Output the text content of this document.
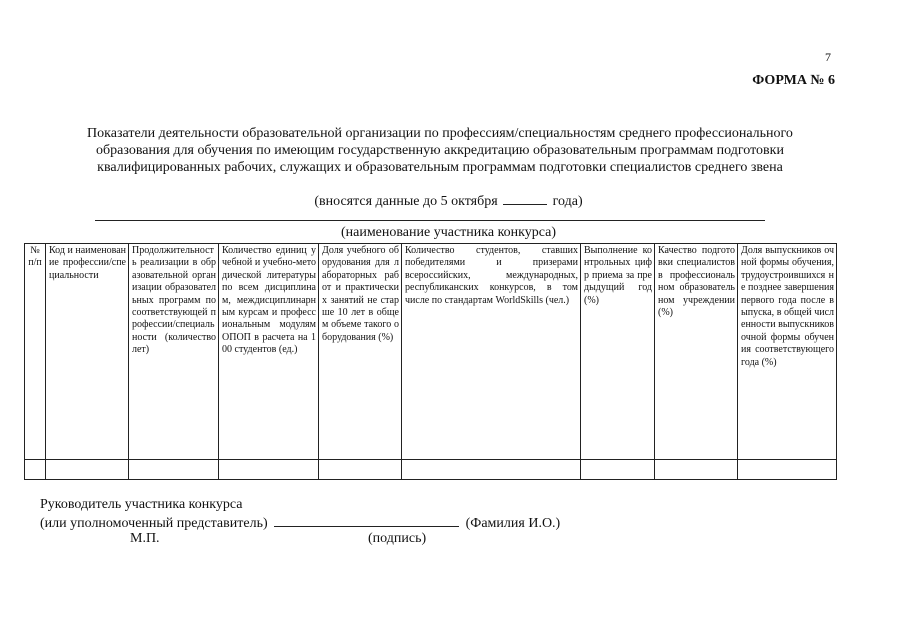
7
ФОРМА № 6
Показатели деятельности образовательной организации по профессиям/специальностям среднего профессионального
образования для обучения по имеющим государственную аккредитацию образовательным программам подготовки
квалифицированных рабочих, служащих и образовательным программам подготовки специалистов среднего звена
(вносятся данные до 5 октября	года)
(наименование участника конкурса)
№ п/п	Код и наименование профессии/специальности	Продолжительность реализации в образовательной организации образовательных программ по соответствующей профессии/специальности (количество лет)	Количество единиц учебной и учебно-методической литературы по всем дисциплинам, междисциплинарным курсам и профессиональным модулям ОПОП в расчета на 100 студентов (ед.)	Доля учебного оборудования для лабораторных работ и практических занятий не старше 10 лет в общем объеме такого оборудования (%)	Количество студентов, ставших победителями и призерами всероссийских, международных, республиканских конкурсов, в том числе по стандартам WorldSkills (чел.)	Выполнение контрольных цифр приема за предыдущий год (%)	Качество подготовки специалистов в профессиональном образовательном учреждении (%)	Доля выпускников очной формы обучения, трудоустроившихся не позднее завершения первого года после выпуска, в общей численности выпускников очной формы обучения соответствующего года (%)

Руководитель участника конкурса
(или уполномоченный представитель)	(Фамилия И.О.)
М.П.	(подпись)
